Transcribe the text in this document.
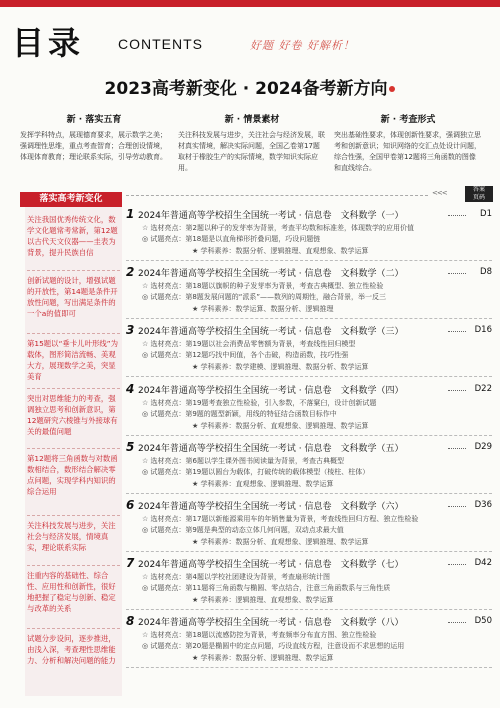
目录 CONTENTS	好题 好卷 好解析！
2023高考新变化 · 2024备考新方向
新 · 落实五育
发挥学科特点，展现德育要求，展示数学之美；强调理性思维，重点考查智育；合理创设情境，体现体育教育；理论联系实际，引导劳动教育。
新 · 情景素材
关注科技发展与进步，关注社会与经济发展，联材真实情境，解决实际问题，全国乙卷第17题取材于橡胶生产的实际情境，数学知识实际应用。
新 · 考查形式
突出基础性要求，体现创新性要求，强调独立思考和创新意识；知识网络的交汇点处设计问题，综合性强，全国甲卷第12题将三角函数的图像和直线综合。
落实高考新变化
关注我国优秀传统文化，数学文化题常考常新，第12题以古代天文仪器——圭表为背景，提升民族自信
创新试题的设计，增强试题的开放性，第14题是条件开放性问题，写出满足条件的一个a的值即可
第15题以“垂卡儿叶形线”为载体，图形简洁流畅、美观大方，展现数学之美，突显美育
突出对思维能力的考查，强调独立思考和创新意识，第12题研究六棱锥与外接球有关的最值问题
第12题将三角函数与对数函数相结合，数形结合解决零点问题，实现学科内知识的综合运用
关注科技发展与进步，关注社会与经济发展，情境真实，理论联系实际
注重内容的基础性、综合性、应用性和创新性，很好地把握了稳定与创新、稳定与改革的关系
试题分步设问，逐步推进，由浅入深，考查理性思维能力、分析和解决问题的能力
<<<	答案
页码
1 2024年普通高等学校招生全国统一考试 · 信息卷　文科数学（一）	D1
☆ 选材亮点：第2题以种子的发芽率为背景，考查平均数和标准差，体现数学的应用价值
◎ 试题亮点：第18题是以直角梯形折叠问题，巧设问题链
★ 学科素养：数据分析、逻辑推理、直观想象、数学运算
2 2024年普通高等学校招生全国统一考试 · 信息卷　文科数学（二）	D8
☆ 选材亮点：第18题以旗帜的种子发芽率为背景，考查古典概型、独立性检验
◎ 试题亮点：第8题发展问题的“派系”——数列的周期性，融合背景，举一反三
★ 学科素养：数学运算、数据分析、逻辑推理
3 2024年普通高等学校招生全国统一考试 · 信息卷　文科数学（三）	D16
☆ 选材亮点：第19题以社会消费品零售额为背景，考查线性回归模型
◎ 试题亮点：第12题巧找中间值，各个击破，构造函数，技巧性强
★ 学科素养：数学建模、逻辑推理、数据分析、数学运算
4 2024年普通高等学校招生全国统一考试 · 信息卷　文科数学（四）	D22
☆ 选材亮点：第19题考查独立性检验，引入参数，不落窠臼，设计创新试题
◎ 试题亮点：第9题的题型新颖，用线的特征结合函数目标作中
★ 学科素养：数据分析、直观想象、逻辑推理、数学运算
5 2024年普通高等学校招生全国统一考试 · 信息卷　文科数学（五）	D29
☆ 选材亮点：第6题以学生课外图书阅读量为背景，考查古典概型
◎ 试题亮点：第19题以圆台为载体，打破传统的载体模型（棱柱、柱体）
★ 学科素养：直观想象、逻辑推理、数学运算
6 2024年普通高等学校招生全国统一考试 · 信息卷　文科数学（六）	D36
☆ 选材亮点：第17题以新能源乘用车的年销售量为背景，考查线性回归方程、独立性检验
◎ 试题亮点：第9题是典型的动态立体几何问题，双动点求最大值
★ 学科素养：数据分析、直观想象、逻辑推理、数学运算
7 2024年普通高等学校招生全国统一考试 · 信息卷　文科数学（七）	D42
☆ 选材亮点：第4题以学校社团建设为背景，考查扇形统计图
◎ 试题亮点：第11题将三角函数与椭圆、零点结合，注意三角函数系与三角性质
★ 学科素养：逻辑推理、直观想象、数学运算
8 2024年普通高等学校招生全国统一考试 · 信息卷　文科数学（八）	D50
☆ 选材亮点：第18题以流感防控为背景，考查频率分布直方图、独立性检验
◎ 试题亮点：第20题是椭圆中的定点问题，巧设直线方程，注意设而不求思想的运用
★ 学科素养：数据分析、逻辑推理、数学运算
